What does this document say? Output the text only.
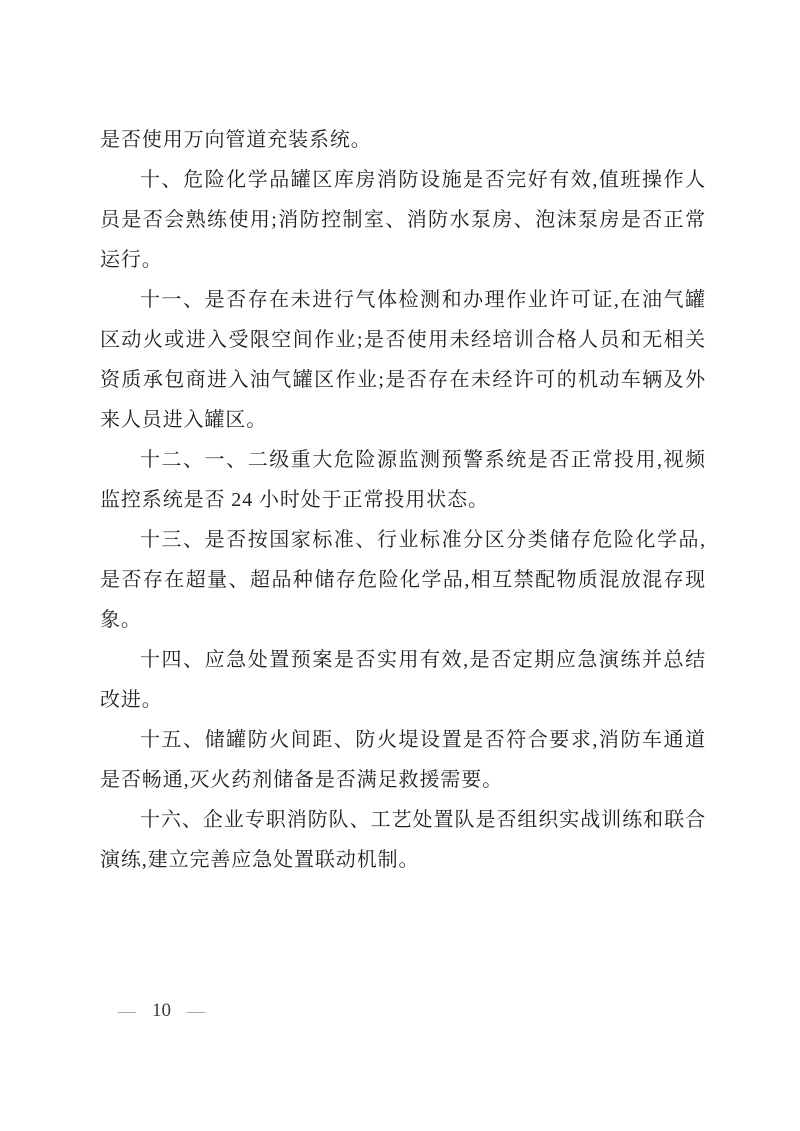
是否使用万向管道充装系统。

十、危险化学品罐区库房消防设施是否完好有效,值班操作人员是否会熟练使用;消防控制室、消防水泵房、泡沫泵房是否正常运行。

十一、是否存在未进行气体检测和办理作业许可证,在油气罐区动火或进入受限空间作业;是否使用未经培训合格人员和无相关资质承包商进入油气罐区作业;是否存在未经许可的机动车辆及外来人员进入罐区。

十二、一、二级重大危险源监测预警系统是否正常投用,视频监控系统是否 24 小时处于正常投用状态。

十三、是否按国家标准、行业标准分区分类储存危险化学品,是否存在超量、超品种储存危险化学品,相互禁配物质混放混存现象。

十四、应急处置预案是否实用有效,是否定期应急演练并总结改进。

十五、储罐防火间距、防火堤设置是否符合要求,消防车通道是否畅通,灭火药剂储备是否满足救援需要。

十六、企业专职消防队、工艺处置队是否组织实战训练和联合演练,建立完善应急处置联动机制。

— 10 —
